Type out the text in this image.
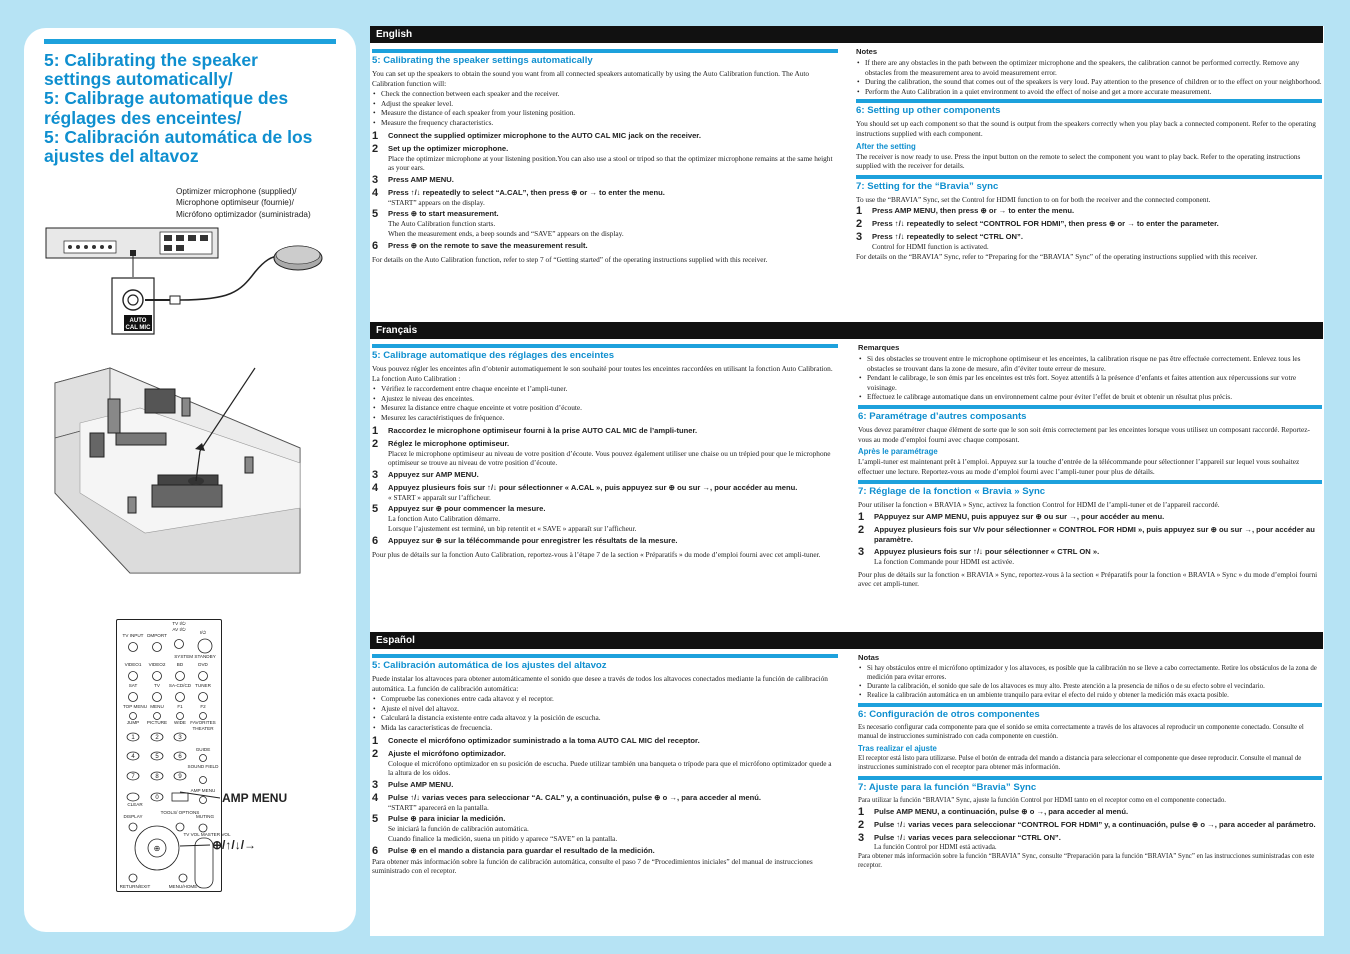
5: Calibrating the speaker
settings automatically/
5: Calibrage automatique des
réglages des enceintes/
5: Calibración automática de los
ajustes del altavoz
Optimizer microphone (supplied)/
Microphone optimiseur (fournie)/
Micrófono optimizador (suministrada)
AUTO
CAL MIC
TV INPUT DMPORT
TV I/⏻
AV I/⏻
I/⏻
SYSTEM STANDBY
VIDEO1 VIDEO2 BD	DVD
SAT	TV SA-CD/CD TUNER
TOP MENU MENU	F1	F2
JUMP PICTURE WIDE FAVORITES
THEATER
GUIDE
SOUND FIELD
AMP MENU
CLEAR
MUTING
DISPLAY
TOOLS/ OPTIONS
TV VOL MASTER VOL
RETURN/EXIT	MENU/HOME
1	2	3
4	5	6
7	8	9
0
⊕
AMP MENU
⊕/↑/↓/→
English
5: Calibrating the speaker settings automatically

You can set up the speakers to obtain the sound you want from all connected speakers automatically by using the Auto Calibration function. The Auto Calibration function will:

• Check the connection between each speaker and the receiver.
• Adjust the speaker level.
• Measure the distance of each speaker from your listening position.
• Measure the frequency characteristics.
1	Connect the supplied optimizer microphone to the AUTO CAL MIC jack on the receiver.
2	Set up the optimizer microphone.
Place the optimizer microphone at your listening position.You can also use a stool or tripod so that the optimizer microphone remains at the same height as your ears.
3	Press AMP MENU.
4	Press ↑/↓ repeatedly to select “A.CAL”, then press ⊕ or → to enter the menu.
“START” appears on the display.
5	Press ⊕ to start measurement.
The Auto Calibration function starts.
When the measurement ends, a beep sounds and “SAVE” appears on the display.
6	Press ⊕ on the remote to save the measurement result.

For details on the Auto Calibration function, refer to step 7 of “Getting started” of the operating instructions supplied with this receiver.

Notes
• If there are any obstacles in the path between the optimizer microphone and the speakers, the calibration cannot be performed correctly. Remove any obstacles from the measurement area to avoid measurement error.
• During the calibration, the sound that comes out of the speakers is very loud. Pay attention to the presence of children or to the effect on your neighborhood.
• Perform the Auto Calibration in a quiet environment to avoid the effect of noise and get a more accurate measurement.
6: Setting up other components

You should set up each component so that the sound is output from the speakers correctly when you play back a connected component. Refer to the operating instructions supplied with each component.

After the setting

The receiver is now ready to use. Press the input button on the remote to select the component you want to play back. Refer to the operating instructions supplied with the receiver for details.

7: Setting for the “Bravia” sync

To use the “BRAVIA” Sync, set the Control for HDMI function to on for both the receiver and the connected component.

1	Press AMP MENU, then press ⊕ or → to enter the menu.
2	Press ↑/↓ repeatedly to select “CONTROL FOR HDMI”, then press ⊕ or → to enter the parameter.
3	Press ↑/↓ repeatedly to select “CTRL ON”.
Control for HDMI function is activated.

For details on the “BRAVIA” Sync, refer to “Preparing for the “BRAVIA” Sync” of the operating instructions supplied with this receiver.

Français
5: Calibrage automatique des réglages des enceintes

Vous pouvez régler les enceintes afin d’obtenir automatiquement le son souhaité pour toutes les enceintes raccordées en utilisant la fonction Auto Calibration. La fonction Auto Calibration :

• Vérifiez le raccordement entre chaque enceinte et l’ampli-tuner.
• Ajustez le niveau des enceintes.
• Mesurez la distance entre chaque enceinte et votre position d’écoute.
• Mesurez les caractéristiques de fréquence.
1	Raccordez le microphone optimiseur fourni à la prise AUTO CAL MIC de l’ampli-tuner.
2	Réglez le microphone optimiseur.
Placez le microphone optimiseur au niveau de votre position d’écoute. Vous pouvez également utiliser une chaise ou un trépied pour que le microphone optimiseur se trouve au niveau de votre position d’écoute.
3	Appuyez sur AMP MENU.
4	Appuyez plusieurs fois sur ↑/↓ pour sélectionner « A.CAL », puis appuyez sur ⊕ ou sur →, pour accéder au menu.
« START » apparaît sur l’afficheur.
5	Appuyez sur ⊕ pour commencer la mesure.
La fonction Auto Calibration démarre.
Lorsque l’ajustement est terminé, un bip retentit et « SAVE » apparaît sur l’afficheur.
6	Appuyez sur ⊕ sur la télécommande pour enregistrer les résultats de la mesure.

Pour plus de détails sur la fonction Auto Calibration, reportez-vous à l’étape 7 de la section « Préparatifs » du mode d’emploi fourni avec cet ampli-tuner.

Remarques
• Si des obstacles se trouvent entre le microphone optimiseur et les enceintes, la calibration risque ne pas être effectuée correctement. Enlevez tous les obstacles se trouvant dans la zone de mesure, afin d’éviter toute erreur de mesure.
• Pendant le calibrage, le son émis par les enceintes est très fort. Soyez attentifs à la présence d’enfants et faites attention aux répercussions sur votre voisinage.
• Effectuez le calibrage automatique dans un environnement calme pour éviter l’effet de bruit et obtenir un résultat plus précis.
6: Paramétrage d’autres composants

Vous devez paramétrer chaque élément de sorte que le son soit émis correctement par les enceintes lorsque vous utilisez un composant raccordé. Reportez-vous au mode d’emploi fourni avec chaque composant.

Après le paramétrage

L’ampli-tuner est maintenant prêt à l’emploi. Appuyez sur la touche d’entrée de la télécommande pour sélectionner l’appareil sur lequel vous souhaitez effectuer une lecture. Reportez-vous au mode d’emploi fourni avec l’ampli-tuner pour plus de détails.

7: Réglage de la fonction « Bravia » Sync

Pour utiliser la fonction « BRAVIA » Sync, activez la fonction Control for HDMI de l’ampli-tuner et de l’appareil raccordé.

1	PAppuyez sur AMP MENU, puis appuyez sur ⊕ ou sur →, pour accéder au menu.
2	Appuyez plusieurs fois sur V/v pour sélectionner « CONTROL FOR HDMI », puis appuyez sur ⊕ ou sur →, pour accéder au paramètre.
3	Appuyez plusieurs fois sur ↑/↓ pour sélectionner « CTRL ON ».
La fonction Commande pour HDMI est activée.

Pour plus de détails sur la fonction « BRAVIA » Sync, reportez-vous à la section « Préparatifs pour la fonction « BRAVIA » Sync » du mode d’emploi fourni avec cet ampli-tuner.

Español
5: Calibración automática de los ajustes del altavoz

Puede instalar los altavoces para obtener automáticamente el sonido que desee a través de todos los altavoces conectados mediante la función de calibración automática. La función de calibración automática:

• Compruebe las conexiones entre cada altavoz y el receptor.
• Ajuste el nivel del altavoz.
• Calculará la distancia existente entre cada altavoz y la posición de escucha.
• Mida las características de frecuencia.
1	Conecte el micrófono optimizador suministrado a la toma AUTO CAL MIC del receptor.
2	Ajuste el micrófono optimizador.
Coloque el micrófono optimizador en su posición de escucha. Puede utilizar también una banqueta o trípode para que el micrófono optimizador quede a la altura de los oídos.
3	Pulse AMP MENU.
4	Pulse ↑/↓ varias veces para seleccionar “A. CAL” y, a continuación, pulse ⊕ o →, para acceder al menú.
“START” aparecerá en la pantalla.
5	Pulse ⊕ para iniciar la medición.
Se iniciará la función de calibración automática.
Cuando finalice la medición, suena un pitido y aparece “SAVE” en la pantalla.
6	Pulse ⊕ en el mando a distancia para guardar el resultado de la medición.

Para obtener más información sobre la función de calibración automática, consulte el paso 7 de “Procedimientos iniciales” del manual de instrucciones suministrado con el receptor.

Notas
• Si hay obstáculos entre el micrófono optimizador y los altavoces, es posible que la calibración no se lleve a cabo correctamente. Retire los obstáculos de la zona de medición para evitar errores.
• Durante la calibración, el sonido que sale de los altavoces es muy alto. Preste atención a la presencia de niños o de su efecto sobre el vecindario.
• Realice la calibración automática en un ambiente tranquilo para evitar el efecto del ruido y obtener la medición más exacta posible.
6: Configuración de otros componentes

Es necesario configurar cada componente para que el sonido se emita correctamente a través de los altavoces al reproducir un componente conectado. Consulte el manual de instrucciones suministrado con cada componente en cuestión.

Tras realizar el ajuste

El receptor está listo para utilizarse. Pulse el botón de entrada del mando a distancia para seleccionar el componente que desee reproducir. Consulte el manual de instrucciones suministrado con el receptor para obtener más información.

7: Ajuste para la función “Bravia” Sync

Para utilizar la función “BRAVIA” Sync, ajuste la función Control por HDMI tanto en el receptor como en el componente conectado.

1	Pulse AMP MENU, a continuación, pulse ⊕ o →, para acceder al menú.
2	Pulse ↑/↓ varias veces para seleccionar “CONTROL FOR HDMI” y, a continuación, pulse ⊕ o →, para acceder al parámetro.
3	Pulse ↑/↓ varias veces para seleccionar “CTRL ON”.
La función Control por HDMI está activada.

Para obtener más información sobre la función “BRAVIA” Sync, consulte “Preparación para la función “BRAVIA” Sync” en las instrucciones suministradas con este receptor.
